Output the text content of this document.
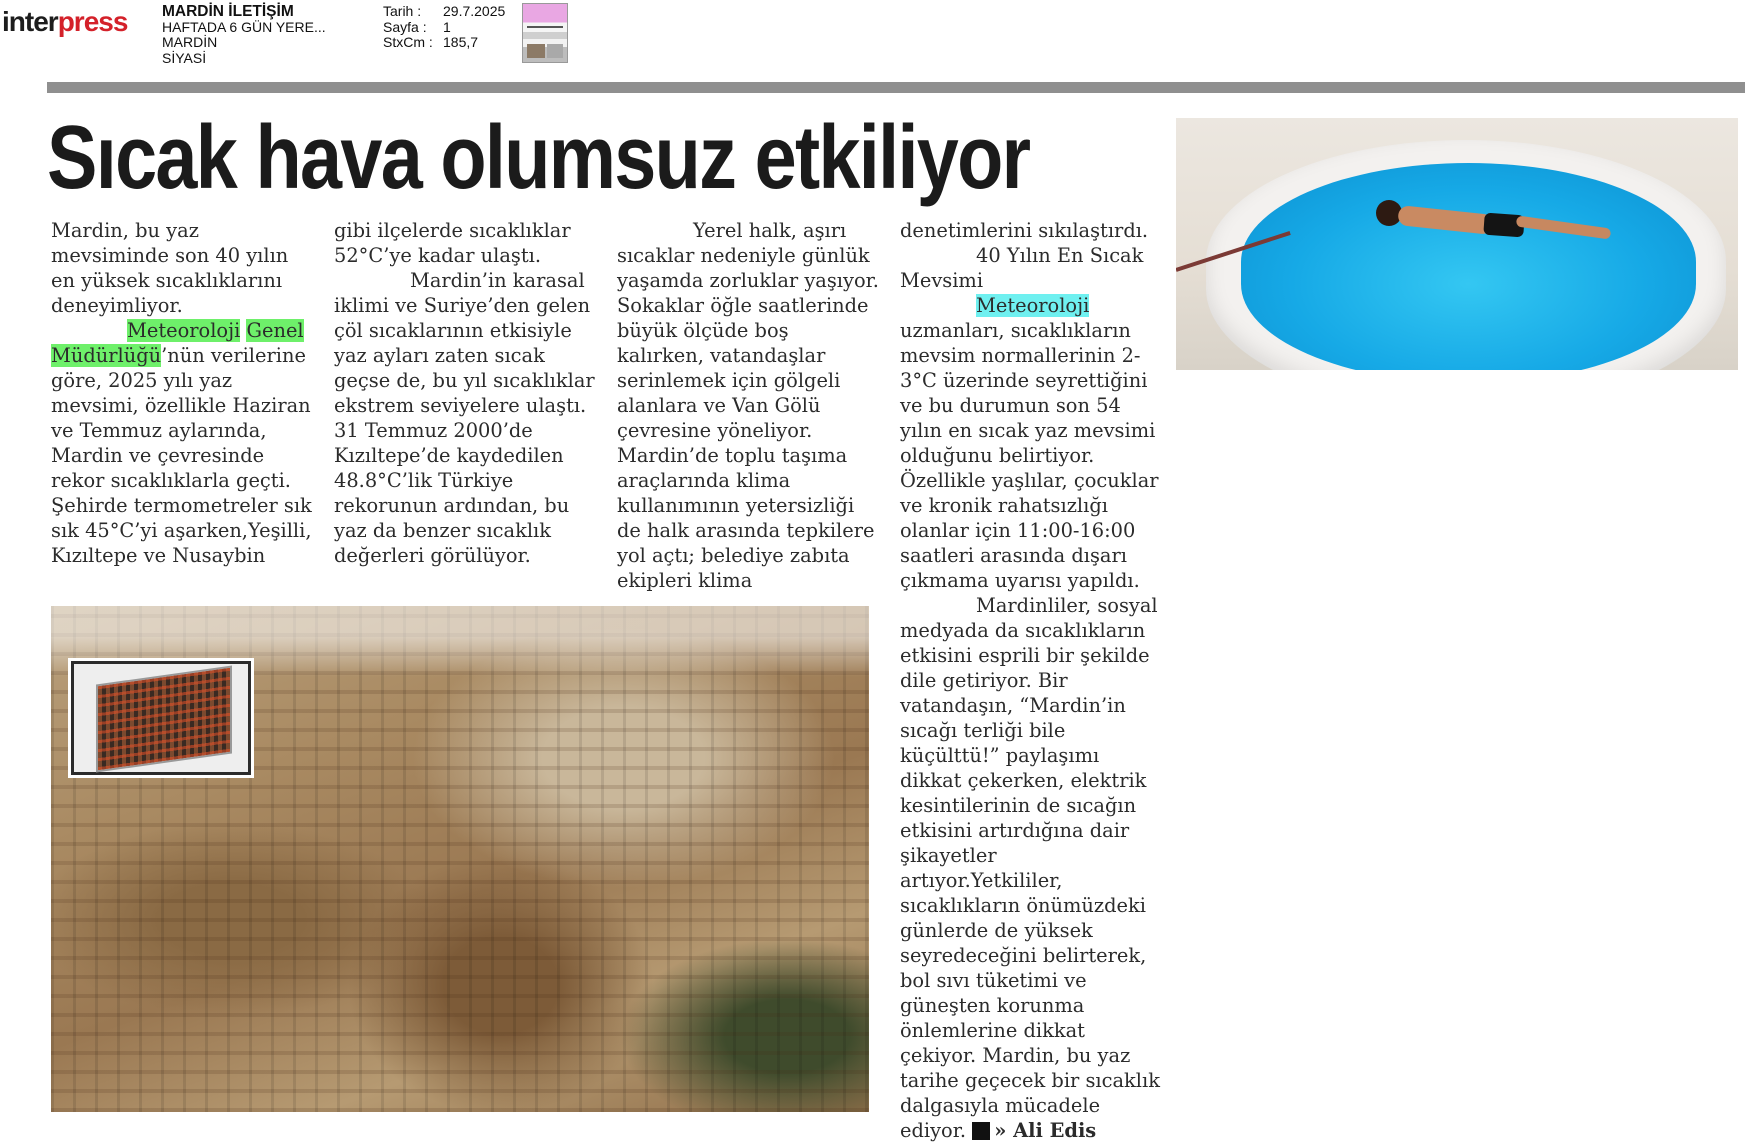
interpress MARDİN İLETİŞİM
HAFTADA 6 GÜN YERE...
MARDİN
SİYASİ
Tarih :	29.7.2025
Sayfa :	1
StxCm : 185,7
Sıcak hava olumsuz etkiliyor

Mardin, bu yaz mevsiminde son 40 yılın en yüksek sıcaklıklarını deneyimliyor.

Meteoroloji Genel Müdürlüğü’nün verilerine göre, 2025 yılı yaz mevsimi, özellikle Haziran ve Temmuz aylarında, Mardin ve çevresinde rekor sıcaklıklarla geçti. Şehirde termometreler sık sık 45°C’yi aşarken,Yeşilli, Kızıltepe ve Nusaybin

gibi ilçelerde sıcaklıklar 52°C’ye kadar ulaştı.

Mardin’in karasal iklimi ve Suriye’den gelen çöl sıcaklarının etkisiyle yaz ayları zaten sıcak geçse de, bu yıl sıcaklıklar ekstrem seviyelere ulaştı. 31 Temmuz 2000’de Kızıltepe’de kaydedilen 48.8°C’lik Türkiye rekorunun ardından, bu yaz da benzer sıcaklık değerleri görülüyor.

Yerel halk, aşırı sıcaklar nedeniyle günlük yaşamda zorluklar yaşıyor. Sokaklar öğle saatlerinde büyük ölçüde boş kalırken, vatandaşlar serinlemek için gölgeli alanlara ve Van Gölü çevresine yöneliyor. Mardin’de toplu taşıma araçlarında klima kullanımının yetersizliği de halk arasında tepkilere yol açtı; belediye zabıta ekipleri klima

denetimlerini sıkılaştırdı.

40 Yılın En Sıcak Mevsimi

Meteoroloji uzmanları, sıcaklıkların mevsim normallerinin 2-3°C üzerinde seyrettiğini ve bu durumun son 54 yılın en sıcak yaz mevsimi olduğunu belirtiyor. Özellikle yaşlılar, çocuklar ve kronik rahatsızlığı olanlar için 11:00-16:00 saatleri arasında dışarı çıkmama uyarısı yapıldı.

Mardinliler, sosyal medyada da sıcaklıkların etkisini esprili bir şekilde dile getiriyor. Bir vatandaşın, “Mardin’in sıcağı terliği bile küçülttü!” paylaşımı dikkat çekerken, elektrik kesintilerinin de sıcağın etkisini artırdığına dair şikayetler artıyor.Yetkililer, sıcaklıkların önümüzdeki günlerde de yüksek seyredeceğini belirterek, bol sıvı tüketimi ve güneşten korunma önlemlerine dikkat çekiyor. Mardin, bu yaz tarihe geçecek bir sıcaklık dalgasıyla mücadele ediyor. » Ali Edis
